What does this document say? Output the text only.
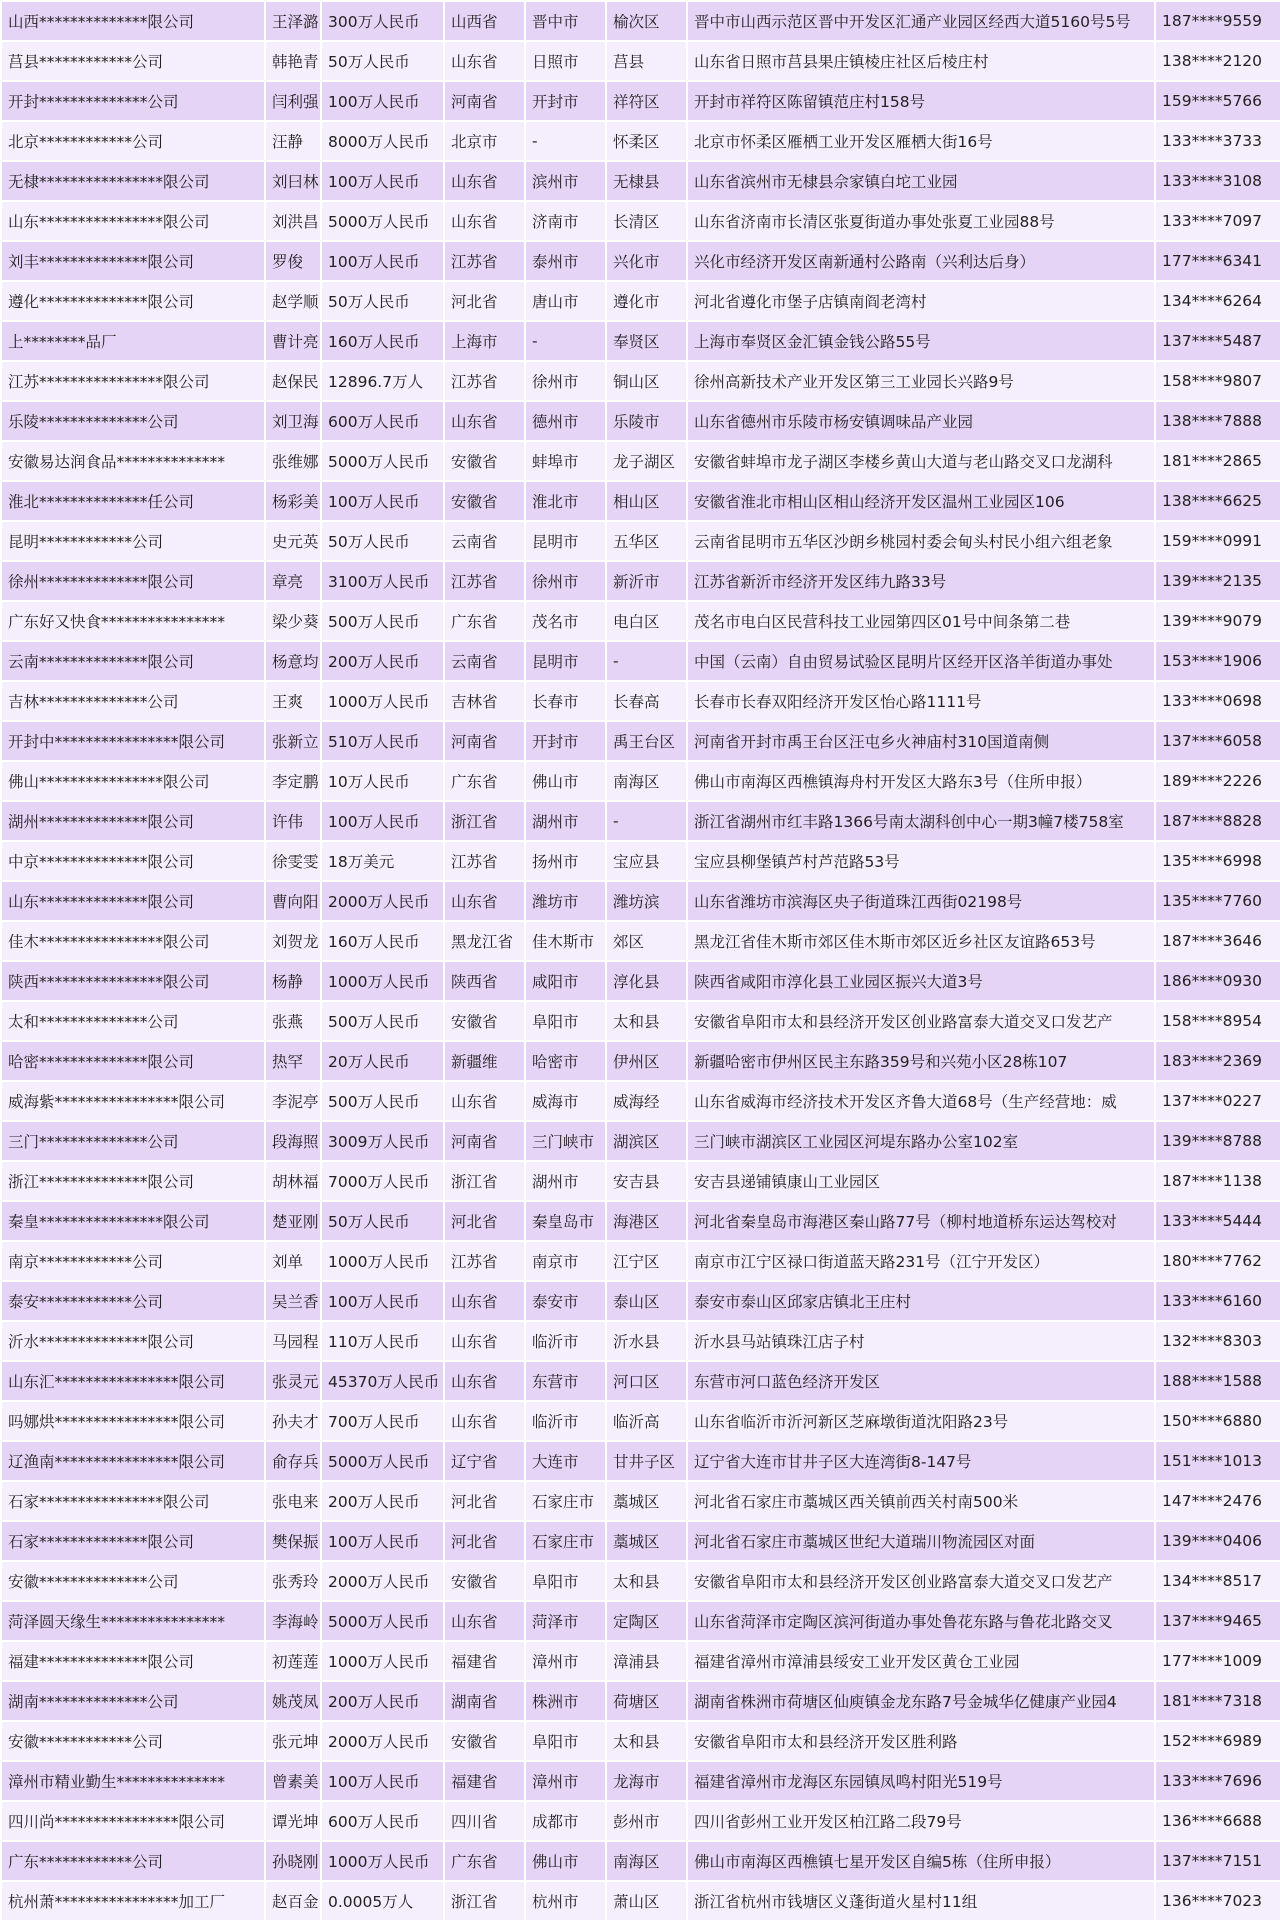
山西**************限公司	王泽潞	300万人民币	山西省	晋中市	榆次区	晋中市山西示范区晋中开发区汇通产业园区经西大道5160号5号	187****9559
莒县************公司	韩艳青	50万人民币	山东省	日照市	莒县	山东省日照市莒县果庄镇棱庄社区后棱庄村	138****2120
开封**************公司	闫利强	100万人民币	河南省	开封市	祥符区	开封市祥符区陈留镇范庄村158号	159****5766
北京************公司	汪静	8000万人民币	北京市	-	怀柔区	北京市怀柔区雁栖工业开发区雁栖大街16号	133****3733
无棣****************限公司	刘曰林	100万人民币	山东省	滨州市	无棣县	山东省滨州市无棣县佘家镇白坨工业园	133****3108
山东****************限公司	刘洪昌	5000万人民币	山东省	济南市	长清区	山东省济南市长清区张夏街道办事处张夏工业园88号	133****7097
刘丰**************限公司	罗俊	100万人民币	江苏省	泰州市	兴化市	兴化市经济开发区南新通村公路南（兴利达后身）	177****6341
遵化**************限公司	赵学顺	50万人民币	河北省	唐山市	遵化市	河北省遵化市堡子店镇南阎老湾村	134****6264
上********品厂	曹计亮	160万人民币	上海市	-	奉贤区	上海市奉贤区金汇镇金钱公路55号	137****5487
江苏****************限公司	赵保民	12896.7万人	江苏省	徐州市	铜山区	徐州高新技术产业开发区第三工业园长兴路9号	158****9807
乐陵**************公司	刘卫海	600万人民币	山东省	德州市	乐陵市	山东省德州市乐陵市杨安镇调味品产业园	138****7888
安徽易达润食品**************	张维娜	5000万人民币	安徽省	蚌埠市	龙子湖区	安徽省蚌埠市龙子湖区李楼乡黄山大道与老山路交叉口龙湖科	181****2865
淮北**************任公司	杨彩美	100万人民币	安徽省	淮北市	相山区	安徽省淮北市相山区相山经济开发区温州工业园区106	138****6625
昆明************公司	史元英	50万人民币	云南省	昆明市	五华区	云南省昆明市五华区沙朗乡桃园村委会甸头村民小组六组老象	159****0991
徐州**************限公司	章亮	3100万人民币	江苏省	徐州市	新沂市	江苏省新沂市经济开发区纬九路33号	139****2135
广东好又快食****************	梁少葵	500万人民币	广东省	茂名市	电白区	茂名市电白区民营科技工业园第四区01号中间条第二巷	139****9079
云南**************限公司	杨意均	200万人民币	云南省	昆明市	-	中国（云南）自由贸易试验区昆明片区经开区洛羊街道办事处	153****1906
吉林**************公司	王爽	1000万人民币	吉林省	长春市	长春高	长春市长春双阳经济开发区怡心路1111号	133****0698
开封中****************限公司	张新立	510万人民币	河南省	开封市	禹王台区	河南省开封市禹王台区汪屯乡火神庙村310国道南侧	137****6058
佛山****************限公司	李定鹏	10万人民币	广东省	佛山市	南海区	佛山市南海区西樵镇海舟村开发区大路东3号（住所申报）	189****2226
湖州**************限公司	许伟	100万人民币	浙江省	湖州市	-	浙江省湖州市红丰路1366号南太湖科创中心一期3幢7楼758室	187****8828
中京**************限公司	徐雯雯	18万美元	江苏省	扬州市	宝应县	宝应县柳堡镇芦村芦范路53号	135****6998
山东**************限公司	曹向阳	2000万人民币	山东省	潍坊市	潍坊滨	山东省潍坊市滨海区央子街道珠江西街02198号	135****7760
佳木****************限公司	刘贺龙	160万人民币	黑龙江省	佳木斯市	郊区	黑龙江省佳木斯市郊区佳木斯市郊区近乡社区友谊路653号	187****3646
陕西****************限公司	杨静	1000万人民币	陕西省	咸阳市	淳化县	陕西省咸阳市淳化县工业园区振兴大道3号	186****0930
太和**************公司	张燕	500万人民币	安徽省	阜阳市	太和县	安徽省阜阳市太和县经济开发区创业路富泰大道交叉口发艺产	158****8954
哈密**************限公司	热罕	20万人民币	新疆维	哈密市	伊州区	新疆哈密市伊州区民主东路359号和兴苑小区28栋107	183****2369
威海紫****************限公司	李泥亭	500万人民币	山东省	威海市	威海经	山东省威海市经济技术开发区齐鲁大道68号（生产经营地：威	137****0227
三门**************公司	段海照	3009万人民币	河南省	三门峡市	湖滨区	三门峡市湖滨区工业园区河堤东路办公室102室	139****8788
浙江**************限公司	胡林福	7000万人民币	浙江省	湖州市	安吉县	安吉县递铺镇康山工业园区	187****1138
秦皇****************限公司	楚亚刚	50万人民币	河北省	秦皇岛市	海港区	河北省秦皇岛市海港区秦山路77号（柳村地道桥东运达驾校对	133****5444
南京************公司	刘单	1000万人民币	江苏省	南京市	江宁区	南京市江宁区禄口街道蓝天路231号（江宁开发区）	180****7762
泰安************公司	吴兰香	100万人民币	山东省	泰安市	泰山区	泰安市泰山区邱家店镇北王庄村	133****6160
沂水**************限公司	马园程	110万人民币	山东省	临沂市	沂水县	沂水县马站镇珠江店子村	132****8303
山东汇****************限公司	张灵元	45370万人民币	山东省	东营市	河口区	东营市河口蓝色经济开发区	188****1588
吗娜烘****************限公司	孙夫才	700万人民币	山东省	临沂市	临沂高	山东省临沂市沂河新区芝麻墩街道沈阳路23号	150****6880
辽渔南****************限公司	俞存兵	5000万人民币	辽宁省	大连市	甘井子区	辽宁省大连市甘井子区大连湾街8-147号	151****1013
石家****************限公司	张电来	200万人民币	河北省	石家庄市	藁城区	河北省石家庄市藁城区西关镇前西关村南500米	147****2476
石家**************限公司	樊保振	100万人民币	河北省	石家庄市	藁城区	河北省石家庄市藁城区世纪大道瑞川物流园区对面	139****0406
安徽**************公司	张秀玲	2000万人民币	安徽省	阜阳市	太和县	安徽省阜阳市太和县经济开发区创业路富泰大道交叉口发艺产	134****8517
菏泽圆天缘生****************	李海岭	5000万人民币	山东省	菏泽市	定陶区	山东省菏泽市定陶区滨河街道办事处鲁花东路与鲁花北路交叉	137****9465
福建**************限公司	初莲莲	1000万人民币	福建省	漳州市	漳浦县	福建省漳州市漳浦县绥安工业开发区黄仓工业园	177****1009
湖南**************公司	姚茂凤	200万人民币	湖南省	株洲市	荷塘区	湖南省株洲市荷塘区仙庾镇金龙东路7号金城华亿健康产业园4	181****7318
安徽************公司	张元坤	2000万人民币	安徽省	阜阳市	太和县	安徽省阜阳市太和县经济开发区胜利路	152****6989
漳州市精业勤生**************	曾素美	100万人民币	福建省	漳州市	龙海市	福建省漳州市龙海区东园镇凤鸣村阳光519号	133****7696
四川尚****************限公司	谭光坤	600万人民币	四川省	成都市	彭州市	四川省彭州工业开发区柏江路二段79号	136****6688
广东************公司	孙晓刚	1000万人民币	广东省	佛山市	南海区	佛山市南海区西樵镇七星开发区自编5栋（住所申报）	137****7151
杭州萧****************加工厂	赵百金	0.0005万人	浙江省	杭州市	萧山区	浙江省杭州市钱塘区义蓬街道火星村11组	136****7023
